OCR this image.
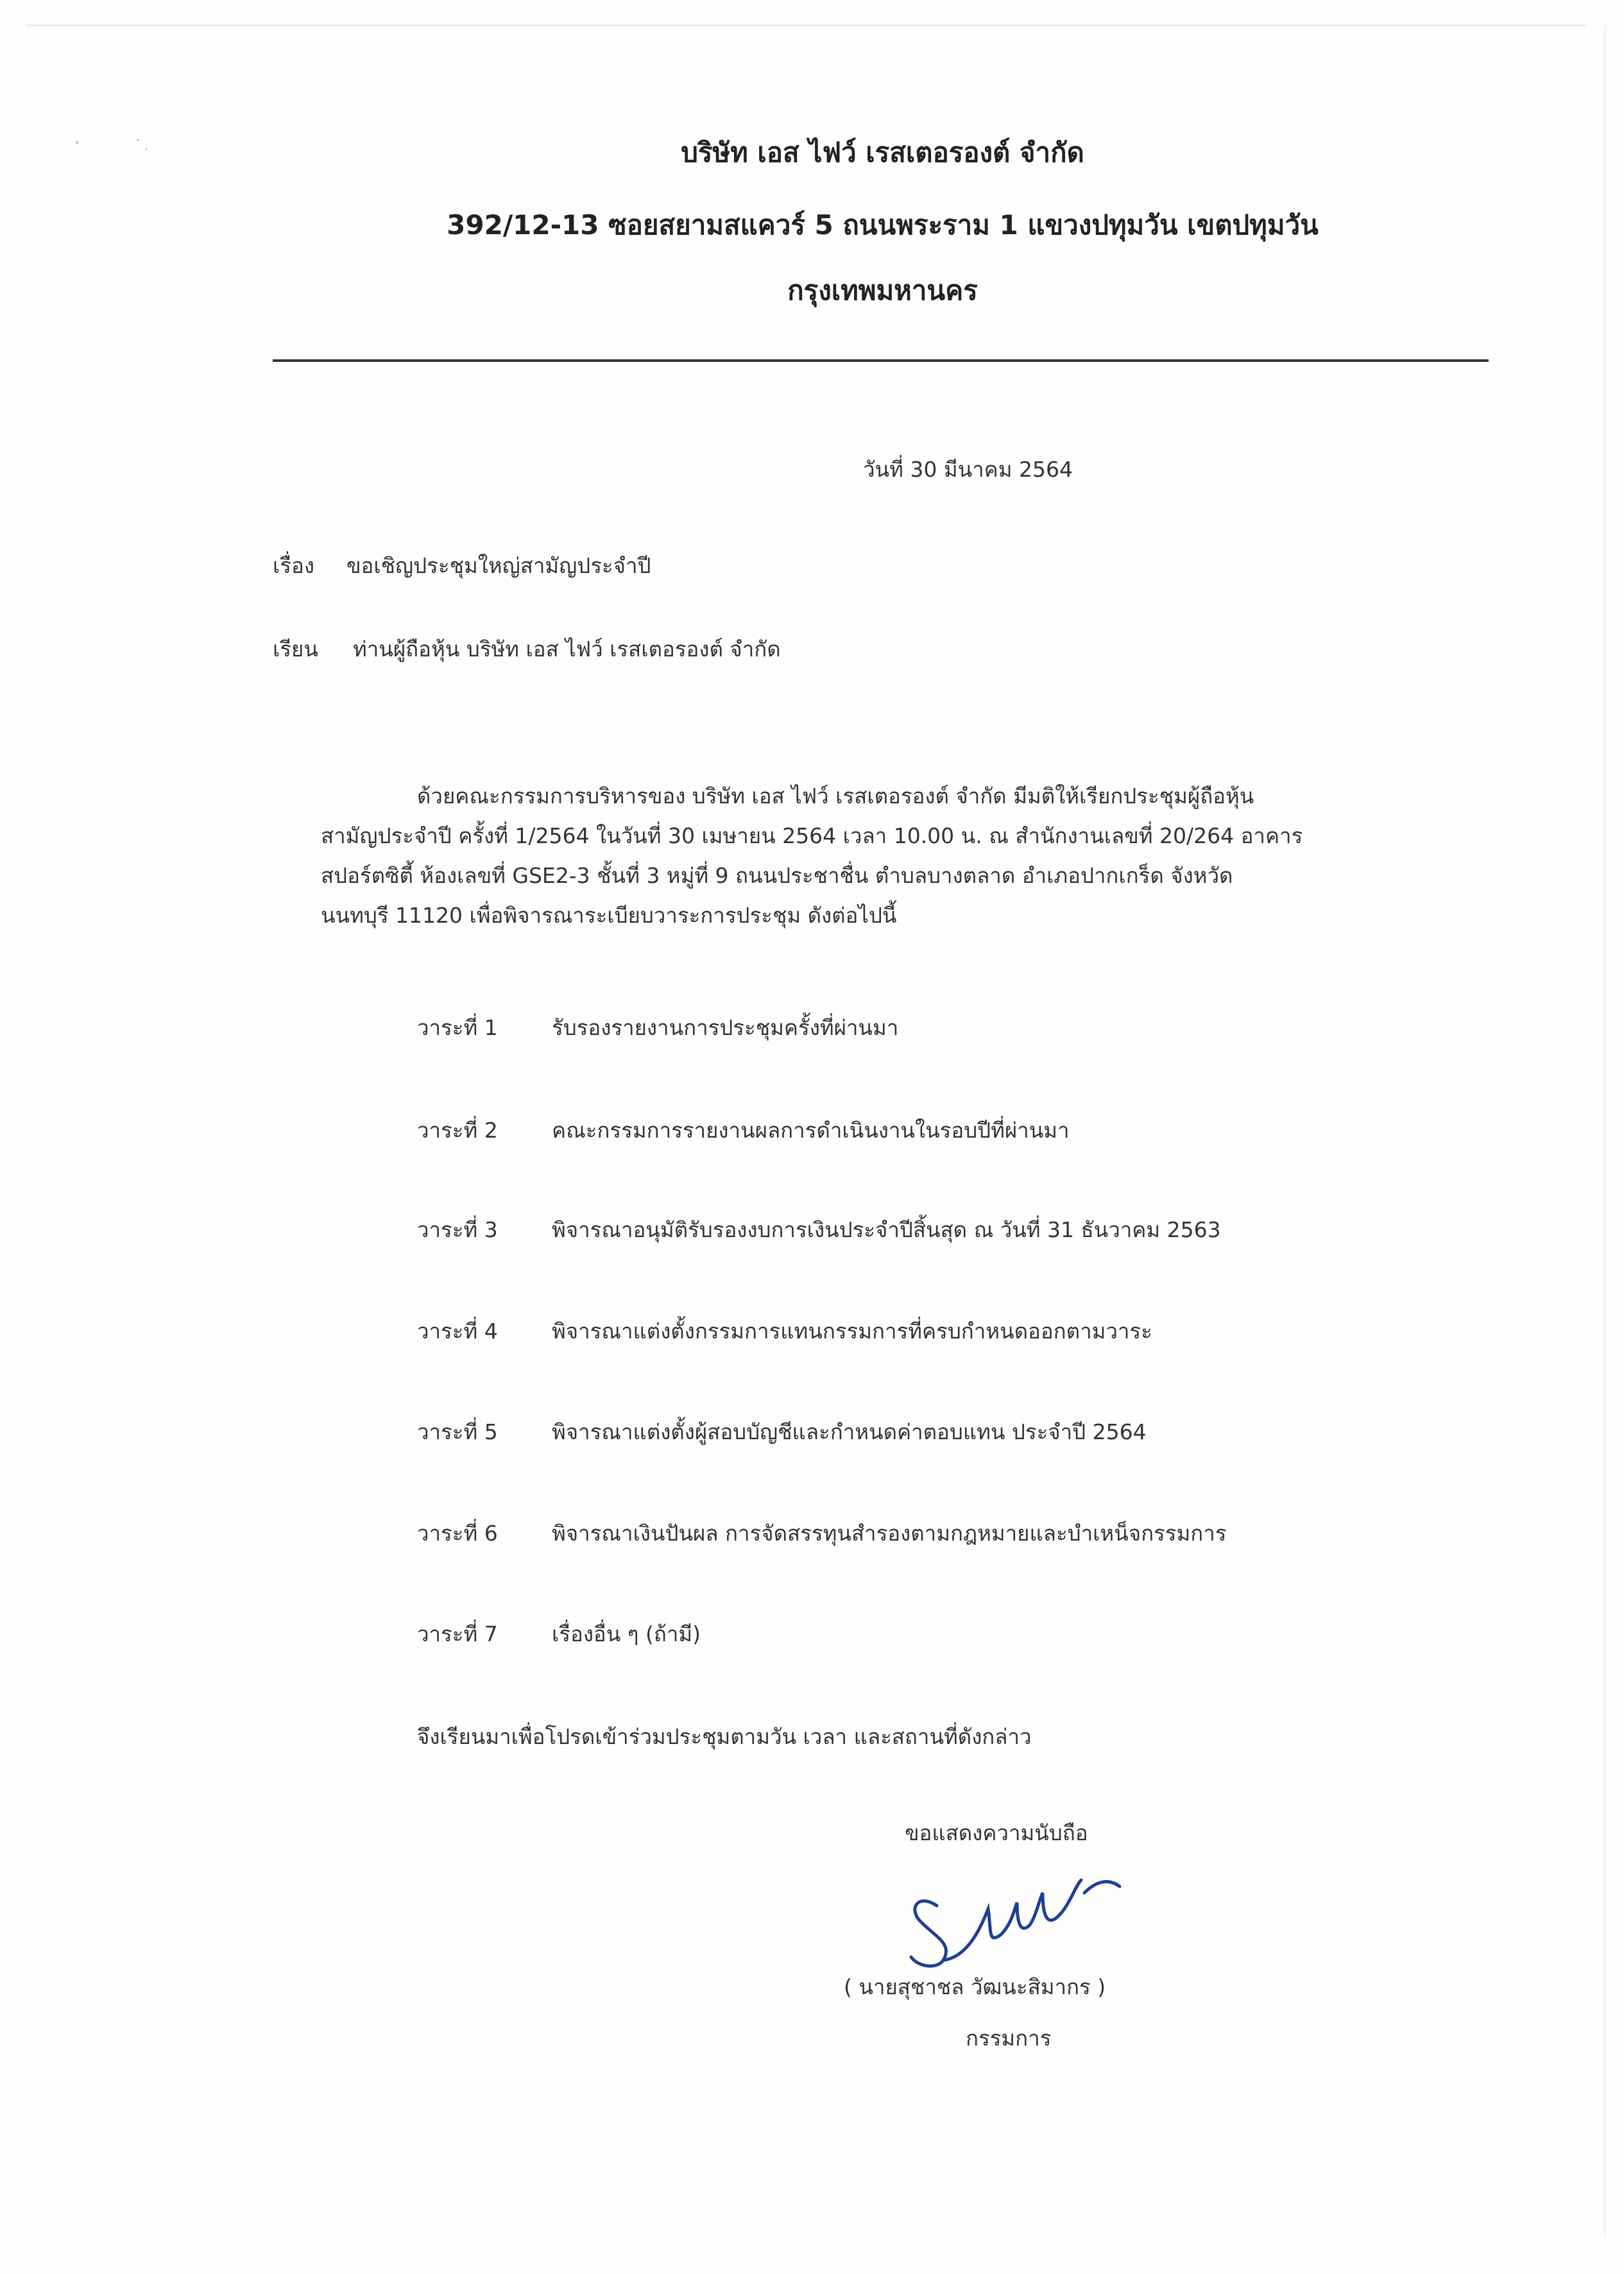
บริษัท เอส ไฟว์ เรสเตอรองต์ จำกัด
392/12-13 ซอยสยามสแควร์ 5 ถนนพระราม 1 แขวงปทุมวัน เขตปทุมวัน
กรุงเทพมหานคร
วันที่ 30 มีนาคม 2564
เรื่อง ขอเชิญประชุมใหญ่สามัญประจำปี
เรียน ท่านผู้ถือหุ้น บริษัท เอส ไฟว์ เรสเตอรองต์ จำกัด
ด้วยคณะกรรมการบริหารของ บริษัท เอส ไฟว์ เรสเตอรองต์ จำกัด มีมติให้เรียกประชุมผู้ถือหุ้น
สามัญประจำปี ครั้งที่ 1/2564 ในวันที่ 30 เมษายน 2564 เวลา 10.00 น. ณ สำนักงานเลขที่ 20/264 อาคาร
สปอร์ตซิตี้ ห้องเลขที่ GSE2-3 ชั้นที่ 3 หมู่ที่ 9 ถนนประชาชื่น ตำบลบางตลาด อำเภอปากเกร็ด จังหวัด
นนทบุรี 11120 เพื่อพิจารณาระเบียบวาระการประชุม ดังต่อไปนี้
วาระที่ 1	รับรองรายงานการประชุมครั้งที่ผ่านมา
วาระที่ 2	คณะกรรมการรายงานผลการดำเนินงานในรอบปีที่ผ่านมา
วาระที่ 3	พิจารณาอนุมัติรับรองงบการเงินประจำปีสิ้นสุด ณ วันที่ 31 ธันวาคม 2563
วาระที่ 4	พิจารณาแต่งตั้งกรรมการแทนกรรมการที่ครบกำหนดออกตามวาระ
วาระที่ 5	พิจารณาแต่งตั้งผู้สอบบัญชีและกำหนดค่าตอบแทน ประจำปี 2564
วาระที่ 6	พิจารณาเงินปันผล การจัดสรรทุนสำรองตามกฎหมายและบำเหน็จกรรมการ
วาระที่ 7	เรื่องอื่น ๆ (ถ้ามี)
จึงเรียนมาเพื่อโปรดเข้าร่วมประชุมตามวัน เวลา และสถานที่ดังกล่าว
ขอแสดงความนับถือ
( นายสุชาชล วัฒนะสิมากร )
กรรมการ
